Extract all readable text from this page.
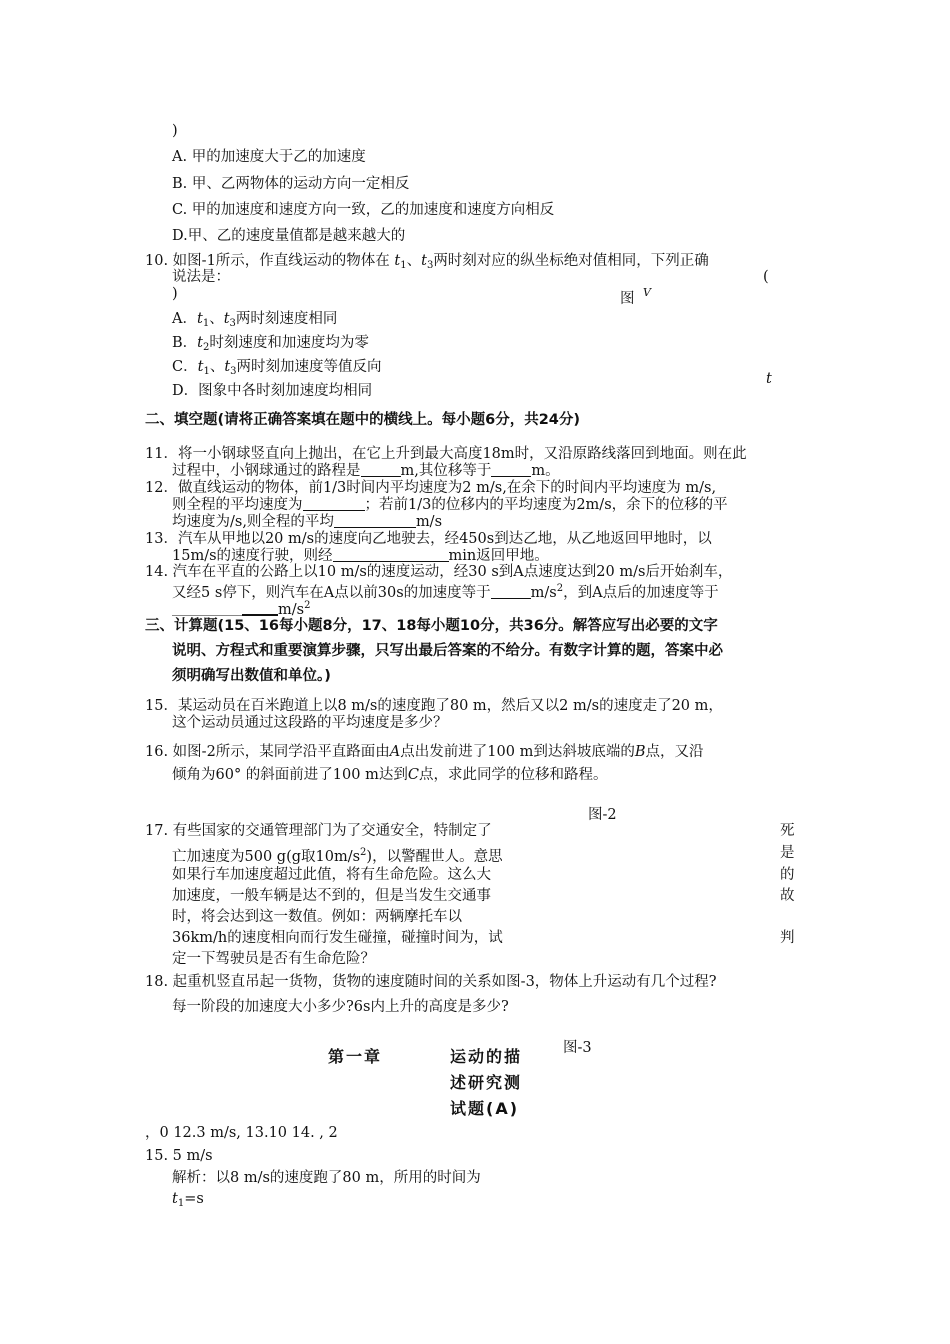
)
A. 甲的加速度大于乙的加速度
B. 甲、乙两物体的运动方向一定相反
C. 甲的加速度和速度方向一致，乙的加速度和速度方向相反
D.甲、乙的速度量值都是越来越大的
10. 如图-1所示，作直线运动的物体在 $t_1$、$t_3$两时刻对应的纵坐标绝对值相同，下列正确
(
说法是：
)	图 V
t
A．$t_1$、$t_3$两时刻速度相同
B．$t_2$时刻速度和加速度均为零
C．$t_1$、$t_3$两时刻加速度等值反向
D．图象中各时刻加速度均相同
二、填空题(请将正确答案填在题中的横线上。每小题6分，共24分)
11．将一小钢球竖直向上抛出，在它上升到最大高度18m时，又沿原路线落回到地面。则在此
过程中，小钢球通过的路程是	m,其位移等于	m。
12．做直线运动的物体，前1/3时间内平均速度为2 m/s,在余下的时间内平均速度为 m/s,
则全程的平均速度为	；若前1/3的位移内的平均速度为2m/s，余下的位移的平
均速度为/s,则全程的平均	m/s
13．汽车从甲地以20 m/s的速度向乙地驶去，经450s到达乙地，从乙地返回甲地时，以
15m/s的速度行驶，则经	min返回甲地。
14. 汽车在平直的公路上以10 m/s的速度运动，经30 s到A点速度达到20 m/s后开始刹车，
又经5 s停下，则汽车在A点以前30s的加速度等于	$m/s^2$，到A点后的加速度等于
$m/s^2$
三、计算题(15、16每小题8分，17、18每小题10分，共36分。解答应写出必要的文字
说明、方程式和重要演算步骤，只写出最后答案的不给分。有数字计算的题，答案中必
须明确写出数值和单位。)
15．某运动员在百米跑道上以8 m/s的速度跑了80 m，然后又以2 m/s的速度走了20 m，
这个运动员通过这段路的平均速度是多少？
16. 如图-2所示，某同学沿平直路面由A点出发前进了100 m到达斜坡底端的B点，又沿
倾角为60° 的斜面前进了100 m达到C点，求此同学的位移和路程。
图-2
17. 有些国家的交通管理部门为了交通安全，特制定了
亡加速度为500 g(g取$10m/s^2$)，以警醒世人。意思
如果行车加速度超过此值，将有生命危险。这么大
加速度，一般车辆是达不到的，但是当发生交通事
时，将会达到这一数值。例如：两辆摩托车以
36km/h的速度相向而行发生碰撞，碰撞时间为，试
定一下驾驶员是否有生命危险？
死
是
的
故
判
18. 起重机竖直吊起一货物，货物的速度随时间的关系如图-3，物体上升运动有几个过程?
每一阶段的加速度大小多少?6s内上升的高度是多少?
图-3
第一章	运动的描
述研究测
试题(A)
，0 12.3 m/s, 13.10 14. , 2
15. 5 m/s
解析：以8 m/s的速度跑了80 m，所用的时间为
$t_1=s$
